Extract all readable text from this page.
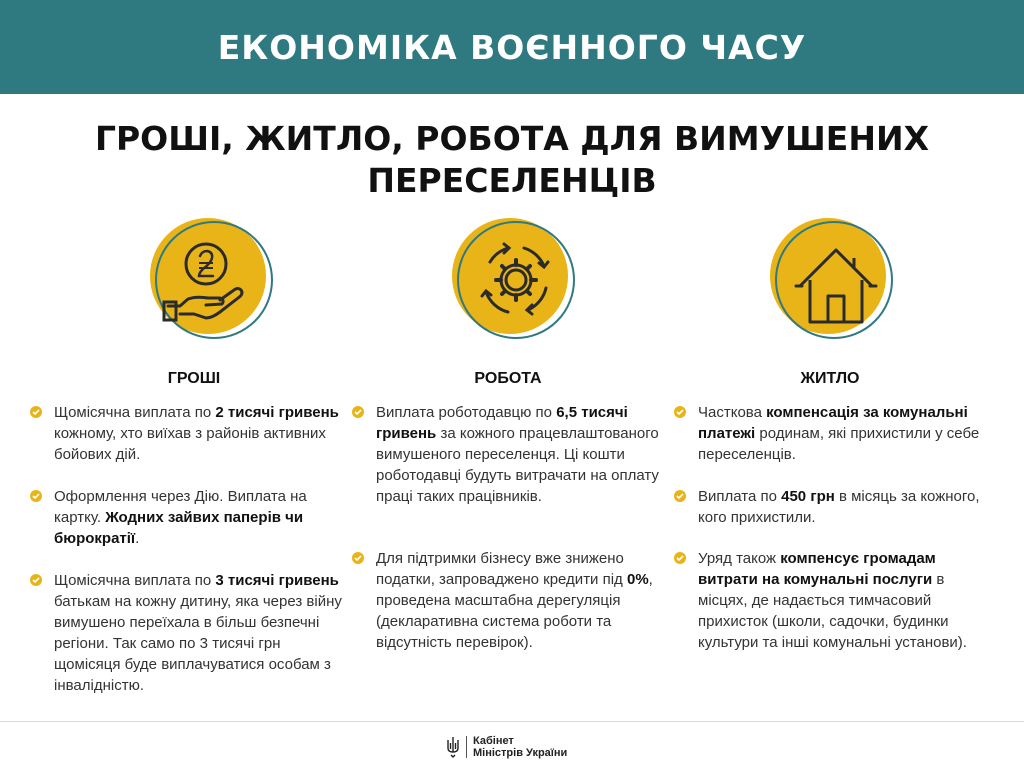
ЕКОНОМІКА ВОЄННОГО ЧАСУ
ГРОШІ, ЖИТЛО, РОБОТА ДЛЯ ВИМУШЕНИХ
ПЕРЕСЕЛЕНЦІВ
ГРОШІ
Щомісячна виплата по 2 тисячі гривень кожному, хто виїхав з районів активних бойових дій.
Оформлення через Дію. Виплата на картку. Жодних зайвих паперів чи бюрократії.
Щомісячна виплата по 3 тисячі гривень батькам на кожну дитину, яка через війну вимушено переїхала в більш безпечні регіони. Так само по 3 тисячі грн щомісяця буде виплачуватися особам з інвалідністю.
РОБОТА
Виплата роботодавцю по 6,5 тисячі гривень за кожного працевлаштованого вимушеного переселенця. Ці кошти роботодавці будуть витрачати на оплату праці таких працівників.
Для підтримки бізнесу вже знижено податки, запроваджено кредити під 0%, проведена масштабна дерегуляція (декларативна система роботи та відсутність перевірок).
ЖИТЛО
Часткова компенсація за комунальні платежі родинам, які прихистили у себе переселенців.
Виплата по 450 грн в місяць за кожного, кого прихистили.
Уряд також компенсує громадам витрати на комунальні послуги в місцях, де надається тимчасовий прихисток (школи, садочки, будинки культури та інші комунальні установи).
Кабінет
Міністрів України
